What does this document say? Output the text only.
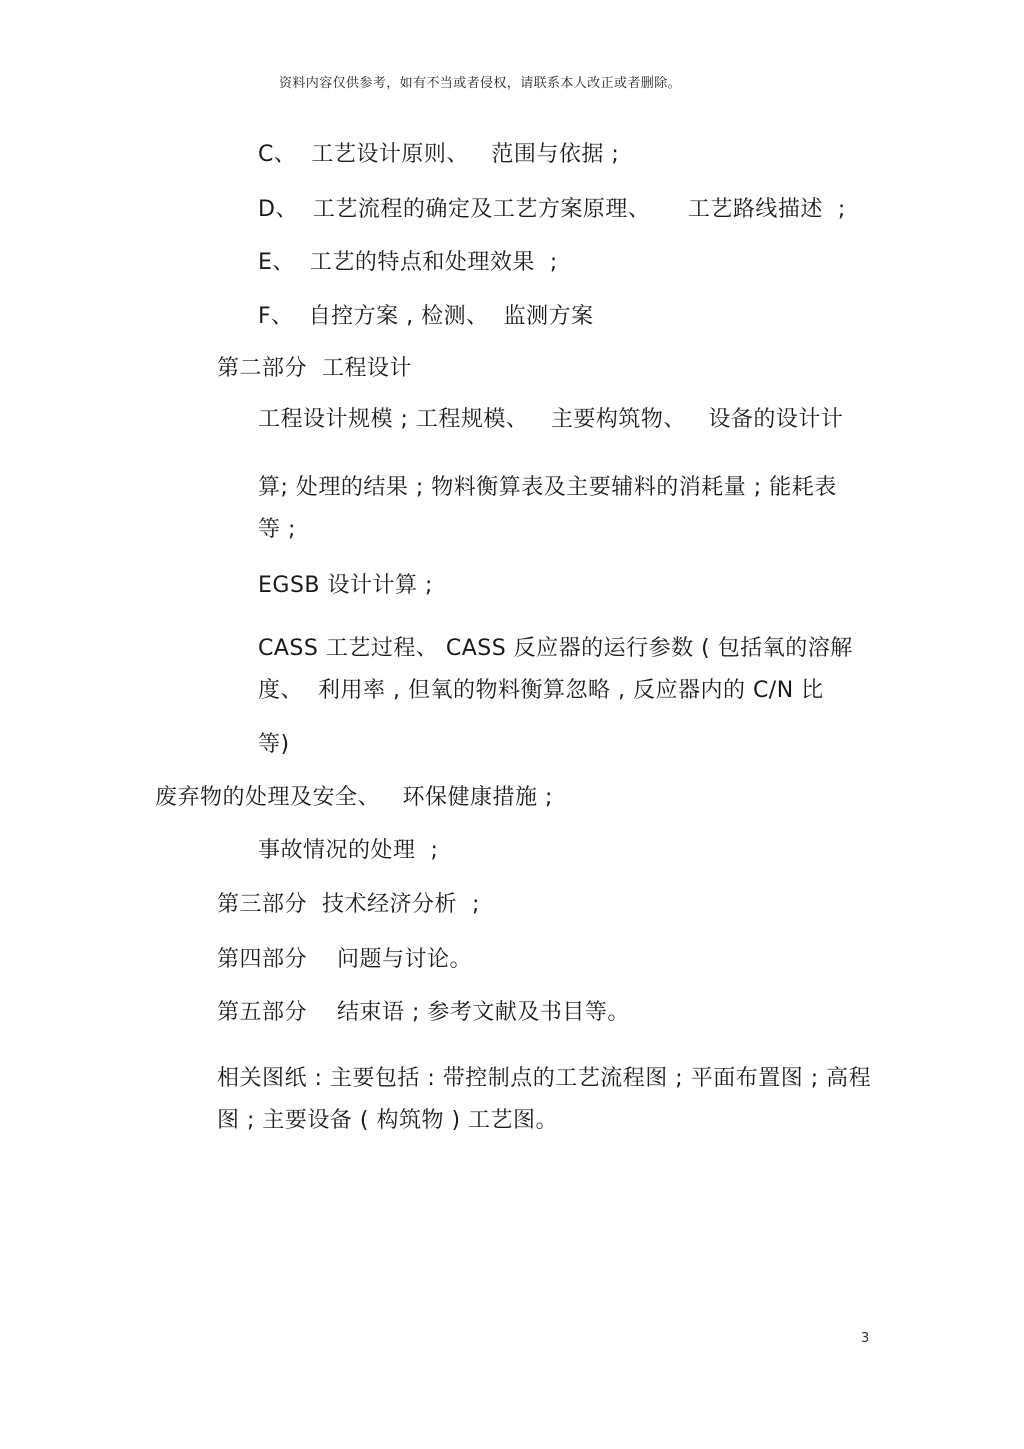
资料内容仅供参考，如有不当或者侵权，请联系本人改正或者删除。
C、  工艺设计原则、   范围与依据 ;
D、  工艺流程的确定及工艺方案原理、     工艺路线描述  ;
E、  工艺的特点和处理效果  ;
F、  自控方案 , 检测、  监测方案
第二部分  工程设计
工程设计规模 ; 工程规模、   主要构筑物、   设备的设计计
算; 处理的结果 ; 物料衡算表及主要辅料的消耗量 ; 能耗表
等 ;
EGSB 设计计算 ;
CASS 工艺过程、 CASS 反应器的运行参数 ( 包括氧的溶解
度、  利用率 , 但氧的物料衡算忽略 , 反应器内的 C/N 比
等)
废弃物的处理及安全、   环保健康措施 ;
事故情况的处理  ;
第三部分  技术经济分析  ;
第四部分    问题与讨论。
第五部分    结束语 ; 参考文献及书目等。
相关图纸 : 主要包括 : 带控制点的工艺流程图 ; 平面布置图 ; 高程
图 ; 主要设备 ( 构筑物 ) 工艺图。
3
